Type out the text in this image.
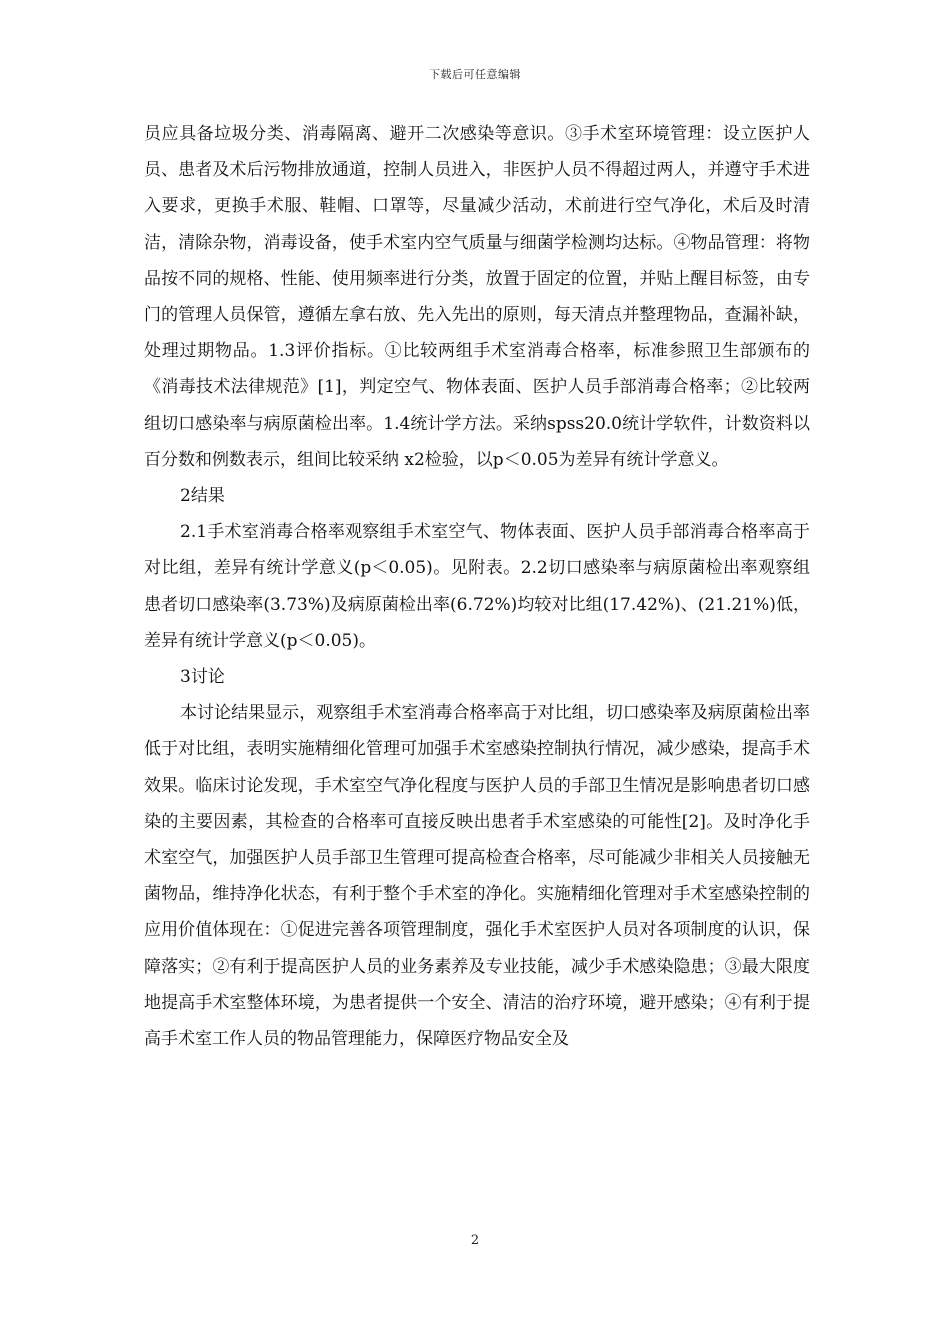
下载后可任意编辑

员应具备垃圾分类、消毒隔离、避开二次感染等意识。③手术室环境管理：设立医护人员、患者及术后污物排放通道，控制人员进入，非医护人员不得超过两人，并遵守手术进入要求，更换手术服、鞋帽、口罩等，尽量减少活动，术前进行空气净化，术后及时清洁，清除杂物，消毒设备，使手术室内空气质量与细菌学检测均达标。④物品管理：将物品按不同的规格、性能、使用频率进行分类，放置于固定的位置，并贴上醒目标签，由专门的管理人员保管，遵循左拿右放、先入先出的原则，每天清点并整理物品，查漏补缺，处理过期物品。1.3评价指标。①比较两组手术室消毒合格率，标准参照卫生部颁布的《消毒技术法律规范》[1]，判定空气、物体表面、医护人员手部消毒合格率；②比较两组切口感染率与病原菌检出率。1.4统计学方法。采纳spss20.0统计学软件，计数资料以百分数和例数表示，组间比较采纳 x2检验，以p＜0.05为差异有统计学意义。

2结果

2.1手术室消毒合格率观察组手术室空气、物体表面、医护人员手部消毒合格率高于对比组，差异有统计学意义(p＜0.05)。见附表。2.2切口感染率与病原菌检出率观察组患者切口感染率(3.73%)及病原菌检出率(6.72%)均较对比组(17.42%)、(21.21%)低，差异有统计学意义(p＜0.05)。

3讨论

本讨论结果显示，观察组手术室消毒合格率高于对比组，切口感染率及病原菌检出率低于对比组，表明实施精细化管理可加强手术室感染控制执行情况，减少感染，提高手术效果。临床讨论发现，手术室空气净化程度与医护人员的手部卫生情况是影响患者切口感染的主要因素，其检查的合格率可直接反映出患者手术室感染的可能性[2]。及时净化手术室空气，加强医护人员手部卫生管理可提高检查合格率，尽可能减少非相关人员接触无菌物品，维持净化状态，有利于整个手术室的净化。实施精细化管理对手术室感染控制的应用价值体现在：①促进完善各项管理制度，强化手术室医护人员对各项制度的认识，保障落实；②有利于提高医护人员的业务素养及专业技能，减少手术感染隐患；③最大限度地提高手术室整体环境，为患者提供一个安全、清洁的治疗环境，避开感染；④有利于提高手术室工作人员的物品管理能力，保障医疗物品安全及

2
